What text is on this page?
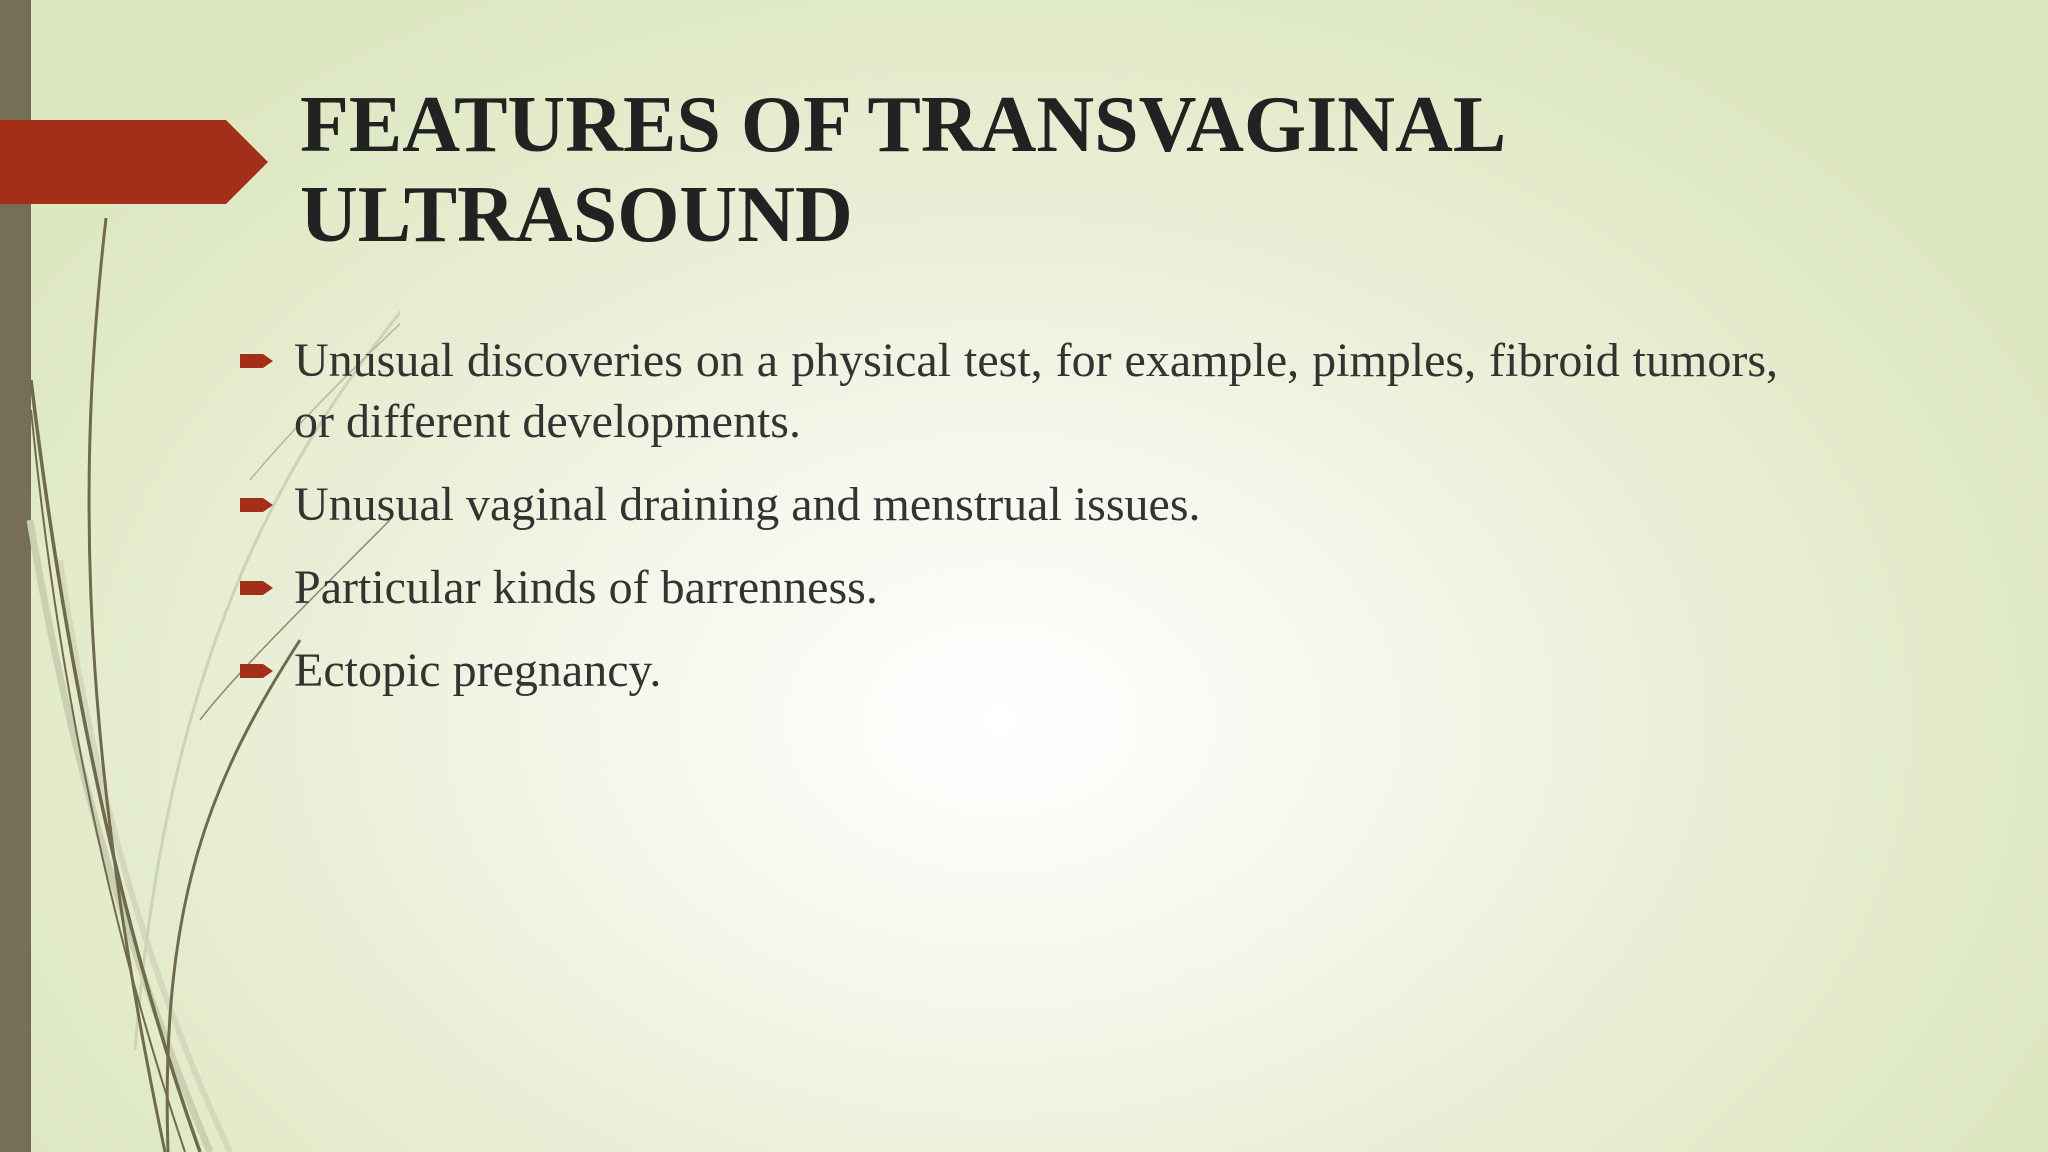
FEATURES OF TRANSVAGINAL ULTRASOUND
Unusual discoveries on a physical test, for example, pimples, fibroid tumors, or different developments.
Unusual vaginal draining and menstrual issues.
Particular kinds of barrenness.
Ectopic pregnancy.
